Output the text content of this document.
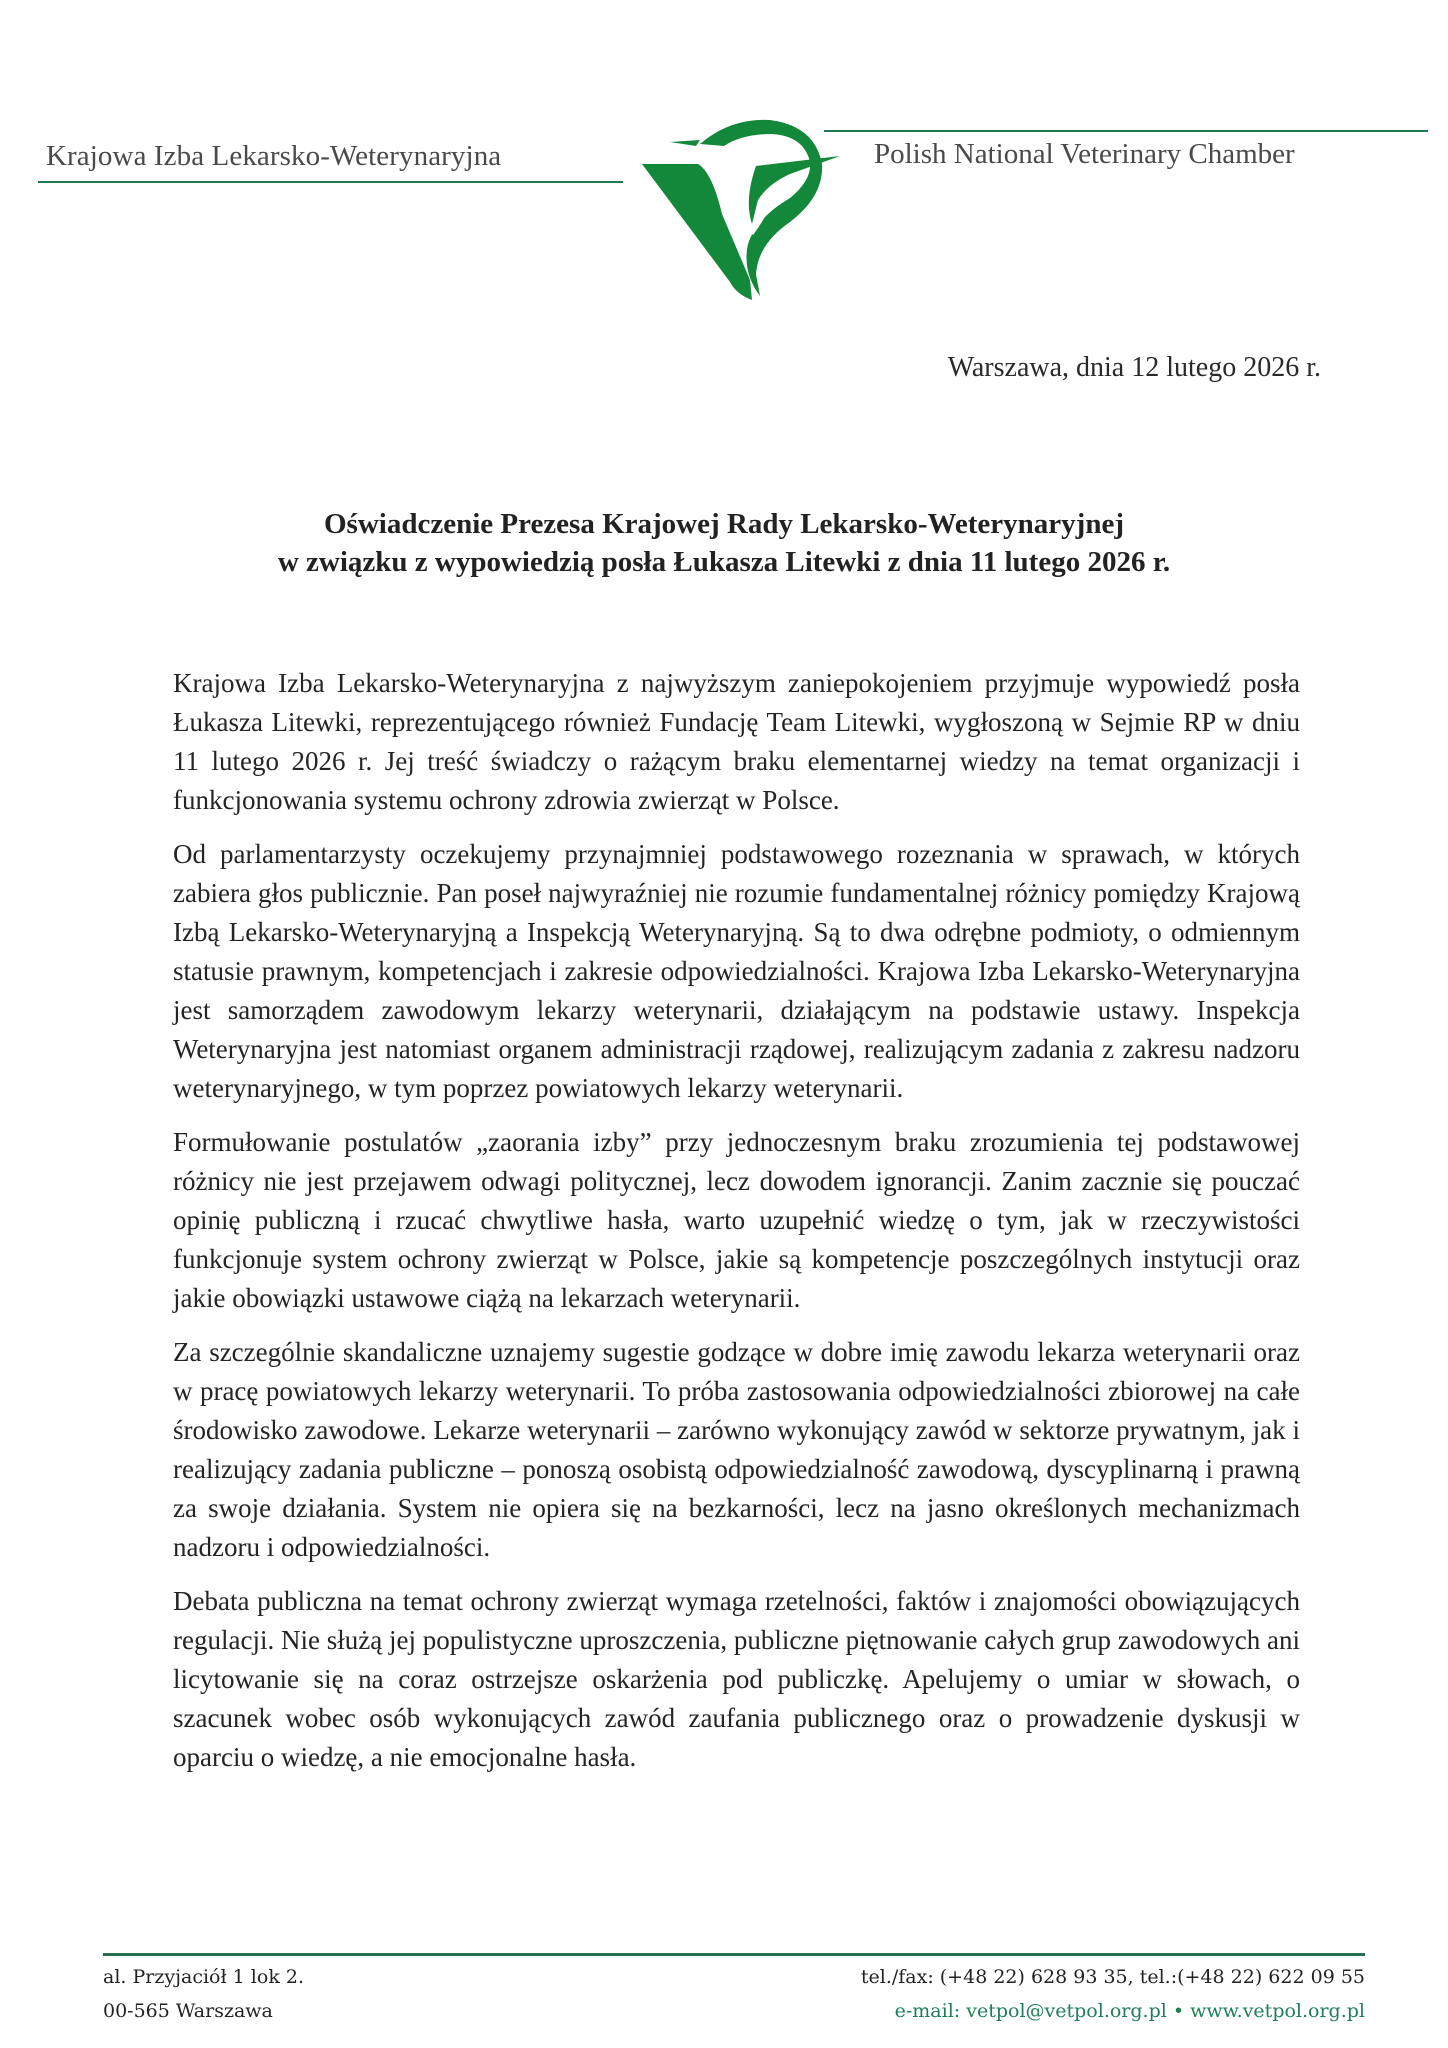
Krajowa Izba Lekarsko-Weterynaryjna	Polish National Veterinary Chamber
Warszawa, dnia 12 lutego 2026 r.
Oświadczenie Prezesa Krajowej Rady Lekarsko-Weterynaryjnej
w związku z wypowiedzią posła Łukasza Litewki z dnia 11 lutego 2026 r.

Krajowa Izba Lekarsko-Weterynaryjna z najwyższym zaniepokojeniem przyjmuje wypowiedź posła Łukasza Litewki, reprezentującego również Fundację Team Litewki, wygłoszoną w Sejmie RP w dniu 11 lutego 2026 r. Jej treść świadczy o rażącym braku elementarnej wiedzy na temat organizacji i funkcjonowania systemu ochrony zdrowia zwierząt w Polsce.

Od parlamentarzysty oczekujemy przynajmniej podstawowego rozeznania w sprawach, w których zabiera głos publicznie. Pan poseł najwyraźniej nie rozumie fundamentalnej różnicy pomiędzy Krajową Izbą Lekarsko-Weterynaryjną a Inspekcją Weterynaryjną. Są to dwa odrębne podmioty, o odmiennym statusie prawnym, kompetencjach i zakresie odpowiedzialności. Krajowa Izba Lekarsko-Weterynaryjna jest samorządem zawodowym lekarzy weterynarii, działającym na podstawie ustawy. Inspekcja Weterynaryjna jest natomiast organem administracji rządowej, realizującym zadania z zakresu nadzoru weterynaryjnego, w tym poprzez powiatowych lekarzy weterynarii.

Formułowanie postulatów „zaorania izby” przy jednoczesnym braku zrozumienia tej podstawowej różnicy nie jest przejawem odwagi politycznej, lecz dowodem ignorancji. Zanim zacznie się pouczać opinię publiczną i rzucać chwytliwe hasła, warto uzupełnić wiedzę o tym, jak w rzeczywistości funkcjonuje system ochrony zwierząt w Polsce, jakie są kompetencje poszczególnych instytucji oraz jakie obowiązki ustawowe ciążą na lekarzach weterynarii.

Za szczególnie skandaliczne uznajemy sugestie godzące w dobre imię zawodu lekarza weterynarii oraz w pracę powiatowych lekarzy weterynarii. To próba zastosowania odpowiedzialności zbiorowej na całe środowisko zawodowe. Lekarze weterynarii – zarówno wykonujący zawód w sektorze prywatnym, jak i realizujący zadania publiczne – ponoszą osobistą odpowiedzialność zawodową, dyscyplinarną i prawną za swoje działania. System nie opiera się na bezkarności, lecz na jasno określonych mechanizmach nadzoru i odpowiedzialności.

Debata publiczna na temat ochrony zwierząt wymaga rzetelności, faktów i znajomości obowiązujących regulacji. Nie służą jej populistyczne uproszczenia, publiczne piętnowanie całych grup zawodowych ani licytowanie się na coraz ostrzejsze oskarżenia pod publiczkę. Apelujemy o umiar w słowach, o szacunek wobec osób wykonujących zawód zaufania publicznego oraz o prowadzenie dyskusji w oparciu o wiedzę, a nie emocjonalne hasła.

al. Przyjaciół 1 lok 2.	tel./fax: (+48 22) 628 93 35, tel.:(+48 22) 622 09 55
00-565 Warszawa	e-mail: vetpol@vetpol.org.pl • www.vetpol.org.pl
